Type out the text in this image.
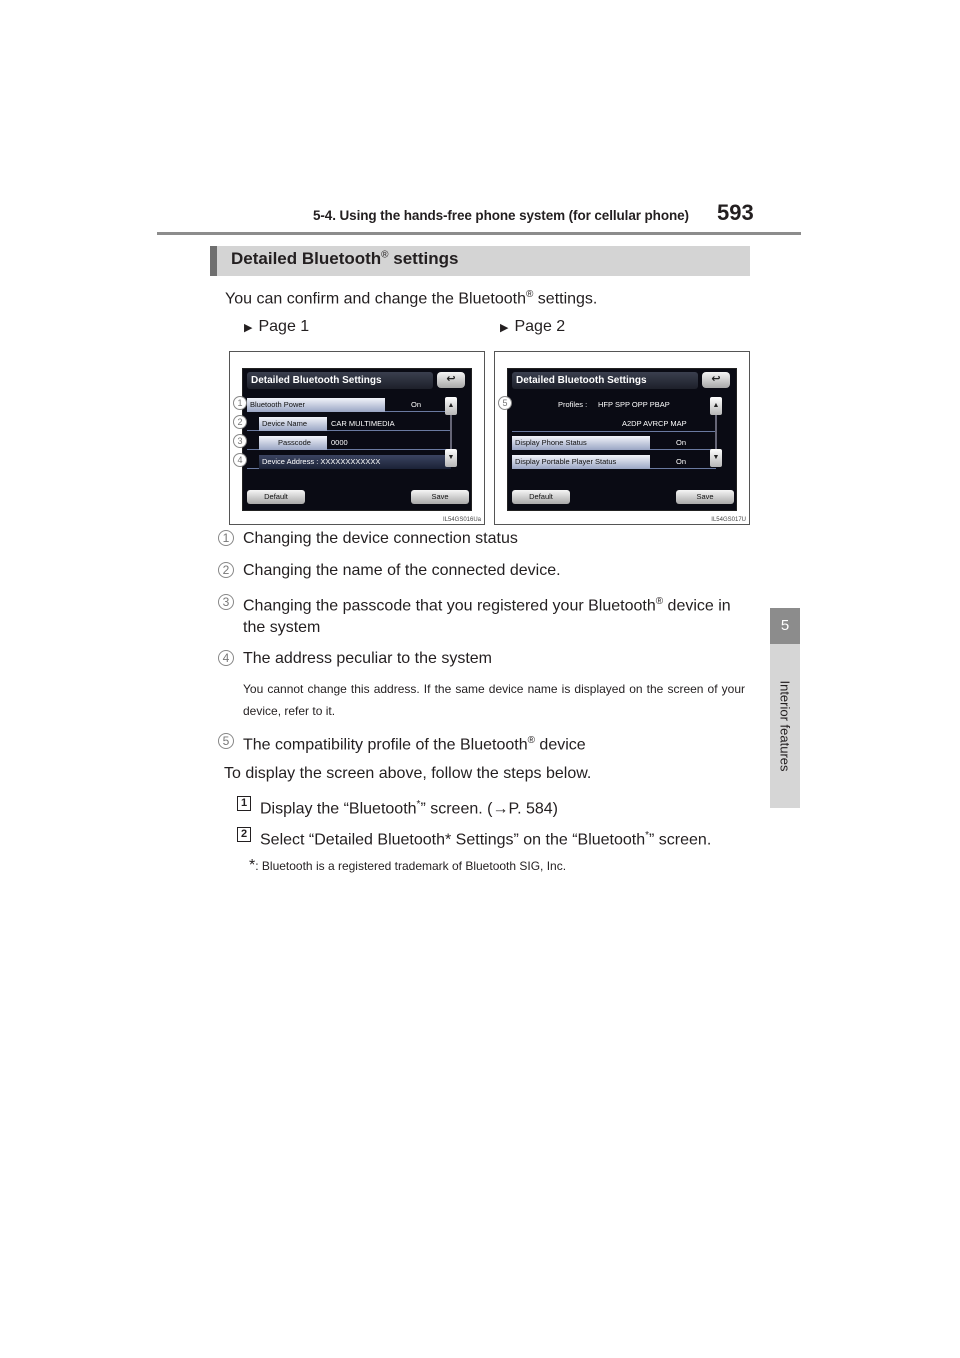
5-4. Using the hands-free phone system (for cellular phone) 593
5
Interior features
Detailed Bluetooth® settings
You can confirm and change the Bluetooth® settings.
▶ Page 1	▶ Page 2
Detailed Bluetooth Settings	↩
Bluetooth Power	On
Device Name	CAR MULTIMEDIA
Passcode	0000
Device Address : XXXXXXXXXXXX
▲
▼
Default	Save
1
2
3
4
IL54GS016Ua
Detailed Bluetooth Settings	↩
Profiles : HFP SPP OPP PBAP
A2DP AVRCP MAP
Display Phone Status	On
Display Portable Player Status	On
▲
▼
Default	Save
5
IL54GS017U
1 Changing the device connection status
2 Changing the name of the connected device.
3 Changing the passcode that you registered your Bluetooth® device in
the system
4 The address peculiar to the system
You cannot change this address. If the same device name is displayed on the screen of your device, refer to it.
5 The compatibility profile of the Bluetooth® device
To display the screen above, follow the steps below.
1 Display the “Bluetooth*” screen. (→P. 584)
2 Select “Detailed Bluetooth* Settings” on the “Bluetooth*” screen.
*: Bluetooth is a registered trademark of Bluetooth SIG, Inc.
